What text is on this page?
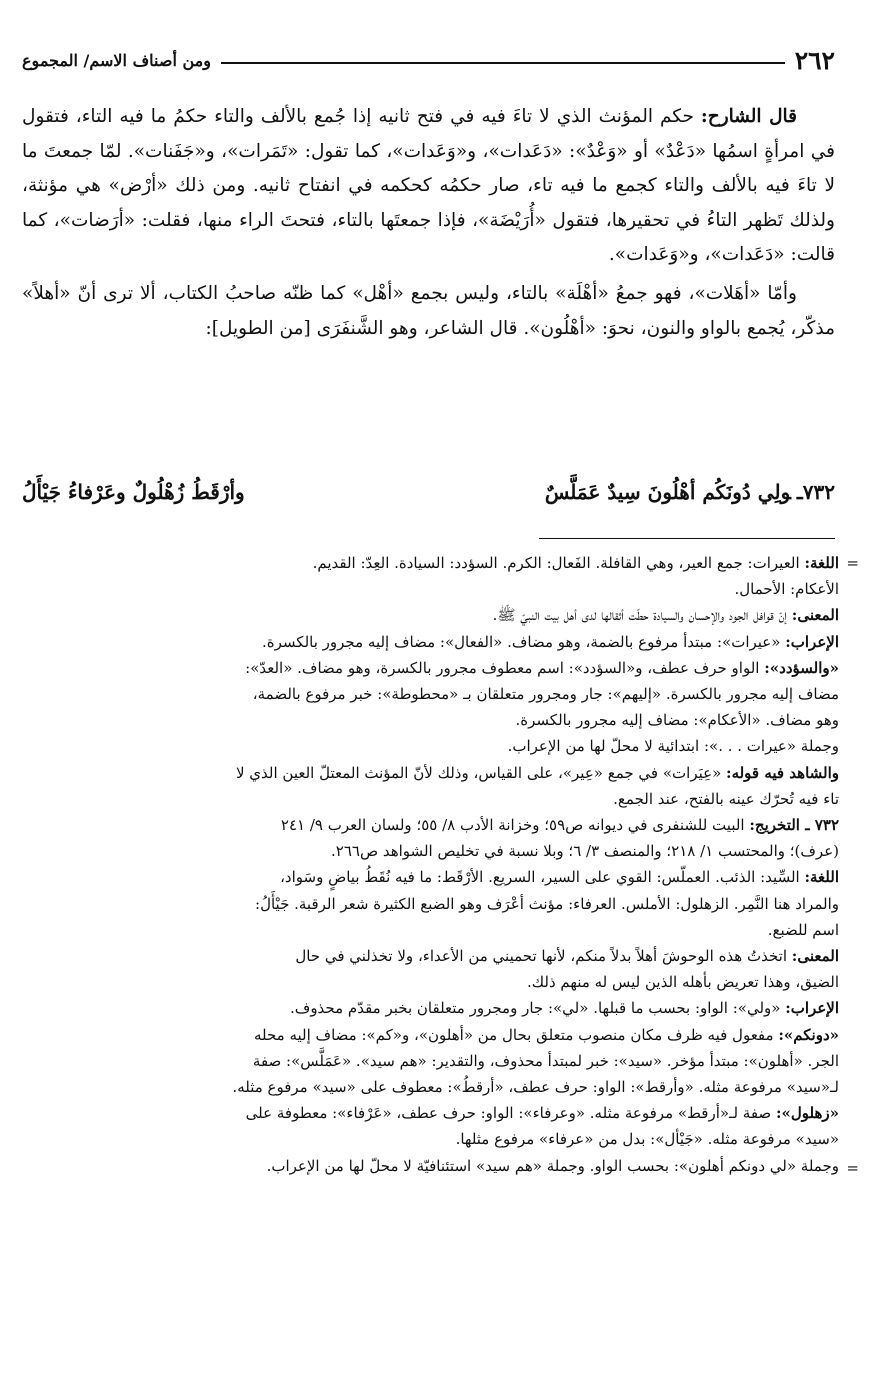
٢٦٢
ومن أصناف الاسم/ المجموع

قال الشارح: حكم المؤنث الذي لا تاءَ فيه في فتح ثانيه إذا جُمع بالألف والتاء حكمُ ما فيه التاء، فتقول في امرأةٍ اسمُها «دَعْدٌ» أو «وَعْدٌ»: «دَعَدات»، و«وَعَدات»، كما تقول: «تَمَرات»، و«جَفَنات». لمّا جمعتَ ما لا تاءَ فيه بالألف والتاء كجمع ما فيه تاء، صار حكمُه كحكمه في انفتاح ثانيه. ومن ذلك «أرْض» هي مؤنثة، ولذلك تَظهر التاءُ في تحقيرها، فتقول «أُرَيْضَة»، فإذا جمعتَها بالتاء، فتحتَ الراء منها، فقلت: «أرَضات»، كما قالت: «دَعَدات»، و«وَعَدات».

وأمّا «أهَلات»، فهو جمعُ «أهْلَة» بالتاء، وليس بجمع «أهْل» كما ظنّه صاحبُ الكتاب، ألا ترى أنّ «أهلاً» مذكّر، يُجمع بالواو والنون، نحوَ: «أهْلُون». قال الشاعر، وهو الشَّنفَرَى [من الطويل]:

٧٣٢ـولِي دُونَكُم أهْلُونَ سِيدٌ عَمَلَّسٌ
وأرْقَطُ زُهْلُولٌ وعَرْفاءُ جَيْأَلُ
=
اللغة: العيرات: جمع العير، وهي القافلة. الفَعال: الكرم. السؤدد: السيادة. العِدّ: القديم.
الأعكام: الأحمال.
المعنى: إنّ قوافل الجود والإحسان والسيادة حطّت أثقالها لدى أهل بيت النبيّ ﷺ.
الإعراب: «عيرات»: مبتدأ مرفوع بالضمة، وهو مضاف. «الفعال»: مضاف إليه مجرور بالكسرة.
«والسؤدد»: الواو حرف عطف، و«السؤدد»: اسم معطوف مجرور بالكسرة، وهو مضاف. «العدّ»:
مضاف إليه مجرور بالكسرة. «إليهم»: جار ومجرور متعلقان بـ «محطوطة»: خبر مرفوع بالضمة،
وهو مضاف. «الأعكام»: مضاف إليه مجرور بالكسرة.
وجملة «عيرات . . .»: ابتدائية لا محلّ لها من الإعراب.
والشاهد فيه قوله: «عِيَرات» في جمع «عِير»، على القياس، وذلك لأنّ المؤنث المعتلّ العين الذي لا
تاء فيه تُحرّك عينه بالفتح، عند الجمع.
٧٣٢ ـ التخريج: البيت للشنفرى في ديوانه ص٥٩؛ وخزانة الأدب ٨/ ٥٥؛ ولسان العرب ٩/ ٢٤١
(عرف)؛ والمحتسب ١/ ٢١٨؛ والمنصف ٣/ ٦؛ وبلا نسبة في تخليص الشواهد ص٢٦٦.
اللغة: السِّيد: الذئب. العملّس: القوي على السير، السريع. الأرْقَط: ما فيه نُقَطُ بياضٍ وسَواد،
والمراد هنا النَّمِر. الزهلول: الأملس. العرفاء: مؤنث أعْرَف وهو الضبع الكثيرة شعر الرقبة. جَيْأَلُ:
اسم للضبع.
المعنى: اتخذتُ هذه الوحوشَ أهلاً بدلاً منكم، لأنها تحميني من الأعداء، ولا تخذلني في حال
الضيق، وهذا تعريض بأهله الذين ليس له منهم ذلك.
الإعراب: «ولي»: الواو: بحسب ما قبلها. «لي»: جار ومجرور متعلقان بخبر مقدّم محذوف.
«دونكم»: مفعول فيه ظرف مكان منصوب متعلق بحال من «أهلون»، و«كم»: مضاف إليه محله
الجر. «أهلون»: مبتدأ مؤخر. «سيد»: خبر لمبتدأ محذوف، والتقدير: «هم سيد». «عَمَلَّس»: صفة
لـ«سيد» مرفوعة مثله. «وأرقط»: الواو: حرف عطف، «أرقطُ»: معطوف على «سيد» مرفوع مثله.
«زهلول»: صفة لـ«أرقط» مرفوعة مثله. «وعرفاء»: الواو: حرف عطف، «عَرْفاء»: معطوفة على
«سيد» مرفوعة مثله. «جَيْأل»: بدل من «عرفاء» مرفوع مثلها.
وجملة «لي دونكم أهلون»: بحسب الواو. وجملة «هم سيد» استئنافيّة لا محلّ لها من الإعراب. =
